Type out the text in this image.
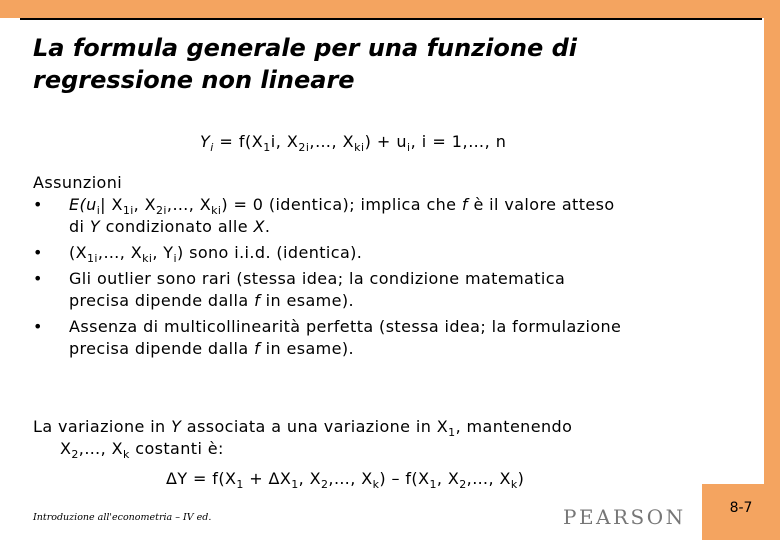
La formula generale per una funzione di
regressione non lineare
$Y_i = f(X_1i$, $X_{2i},\dots$, $X_{ki}) + u_i$, i = 1,…, n
Assunzioni
•
$E(u_i|$ $X_{1i}$, $X_{2i},\dots$, $X_{ki}) = 0$ (identica); implica che f è il valore atteso
di Y condizionato alle X.
•
($X_{1i},\dots$, $X_{ki}$, $Y_i$) sono i.i.d. (identica).
•
Gli outlier sono rari (stessa idea; la condizione matematica
precisa dipende dalla f in esame).
•
Assenza di multicollinearità perfetta (stessa idea; la formulazione
precisa dipende dalla f in esame).
La variazione in Y associata a una variazione in $X_1$, mantenendo
$X_2,\dots$, $X_k$ costanti è:
$\Delta Y = f(X_1 + \Delta X_1$, $X_2,\dots$, $X_k) - f(X_1$, $X_2,\dots$, $X_k$)
Introduzione all'econometria – IV ed.	PEARSON	8-7
